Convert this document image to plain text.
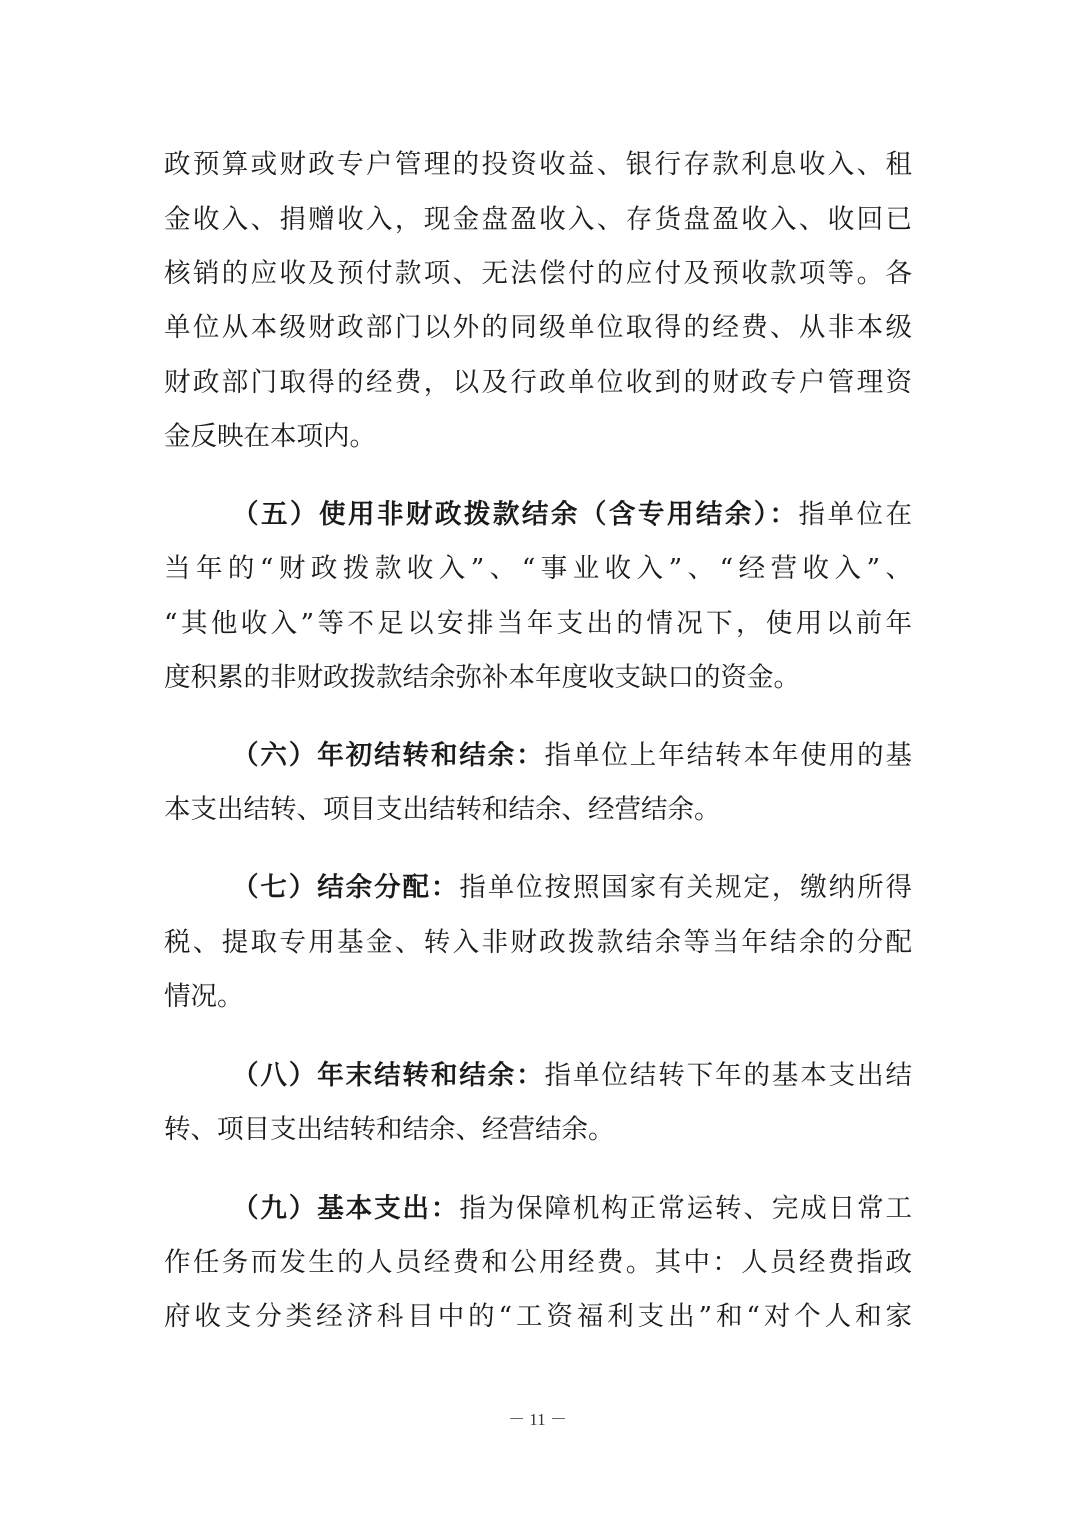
政预算或财政专户管理的投资收益、银行存款利息收入、租
金收入、捐赠收入，现金盘盈收入、存货盘盈收入、收回已
核销的应收及预付款项、无法偿付的应付及预收款项等。各
单位从本级财政部门以外的同级单位取得的经费、从非本级
财政部门取得的经费，以及行政单位收到的财政专户管理资
金反映在本项内。
（五）使用非财政拨款结余（含专用结余）：指单位在
当年的“财政拨款收入”、“事业收入”、“经营收入”、
“其他收入”等不足以安排当年支出的情况下，使用以前年
度积累的非财政拨款结余弥补本年度收支缺口的资金。
（六）年初结转和结余：指单位上年结转本年使用的基
本支出结转、项目支出结转和结余、经营结余。
（七）结余分配：指单位按照国家有关规定，缴纳所得
税、提取专用基金、转入非财政拨款结余等当年结余的分配
情况。
（八）年末结转和结余：指单位结转下年的基本支出结
转、项目支出结转和结余、经营结余。
（九）基本支出：指为保障机构正常运转、完成日常工
作任务而发生的人员经费和公用经费。其中：人员经费指政
府收支分类经济科目中的“工资福利支出”和“对个人和家
－ 11 －
